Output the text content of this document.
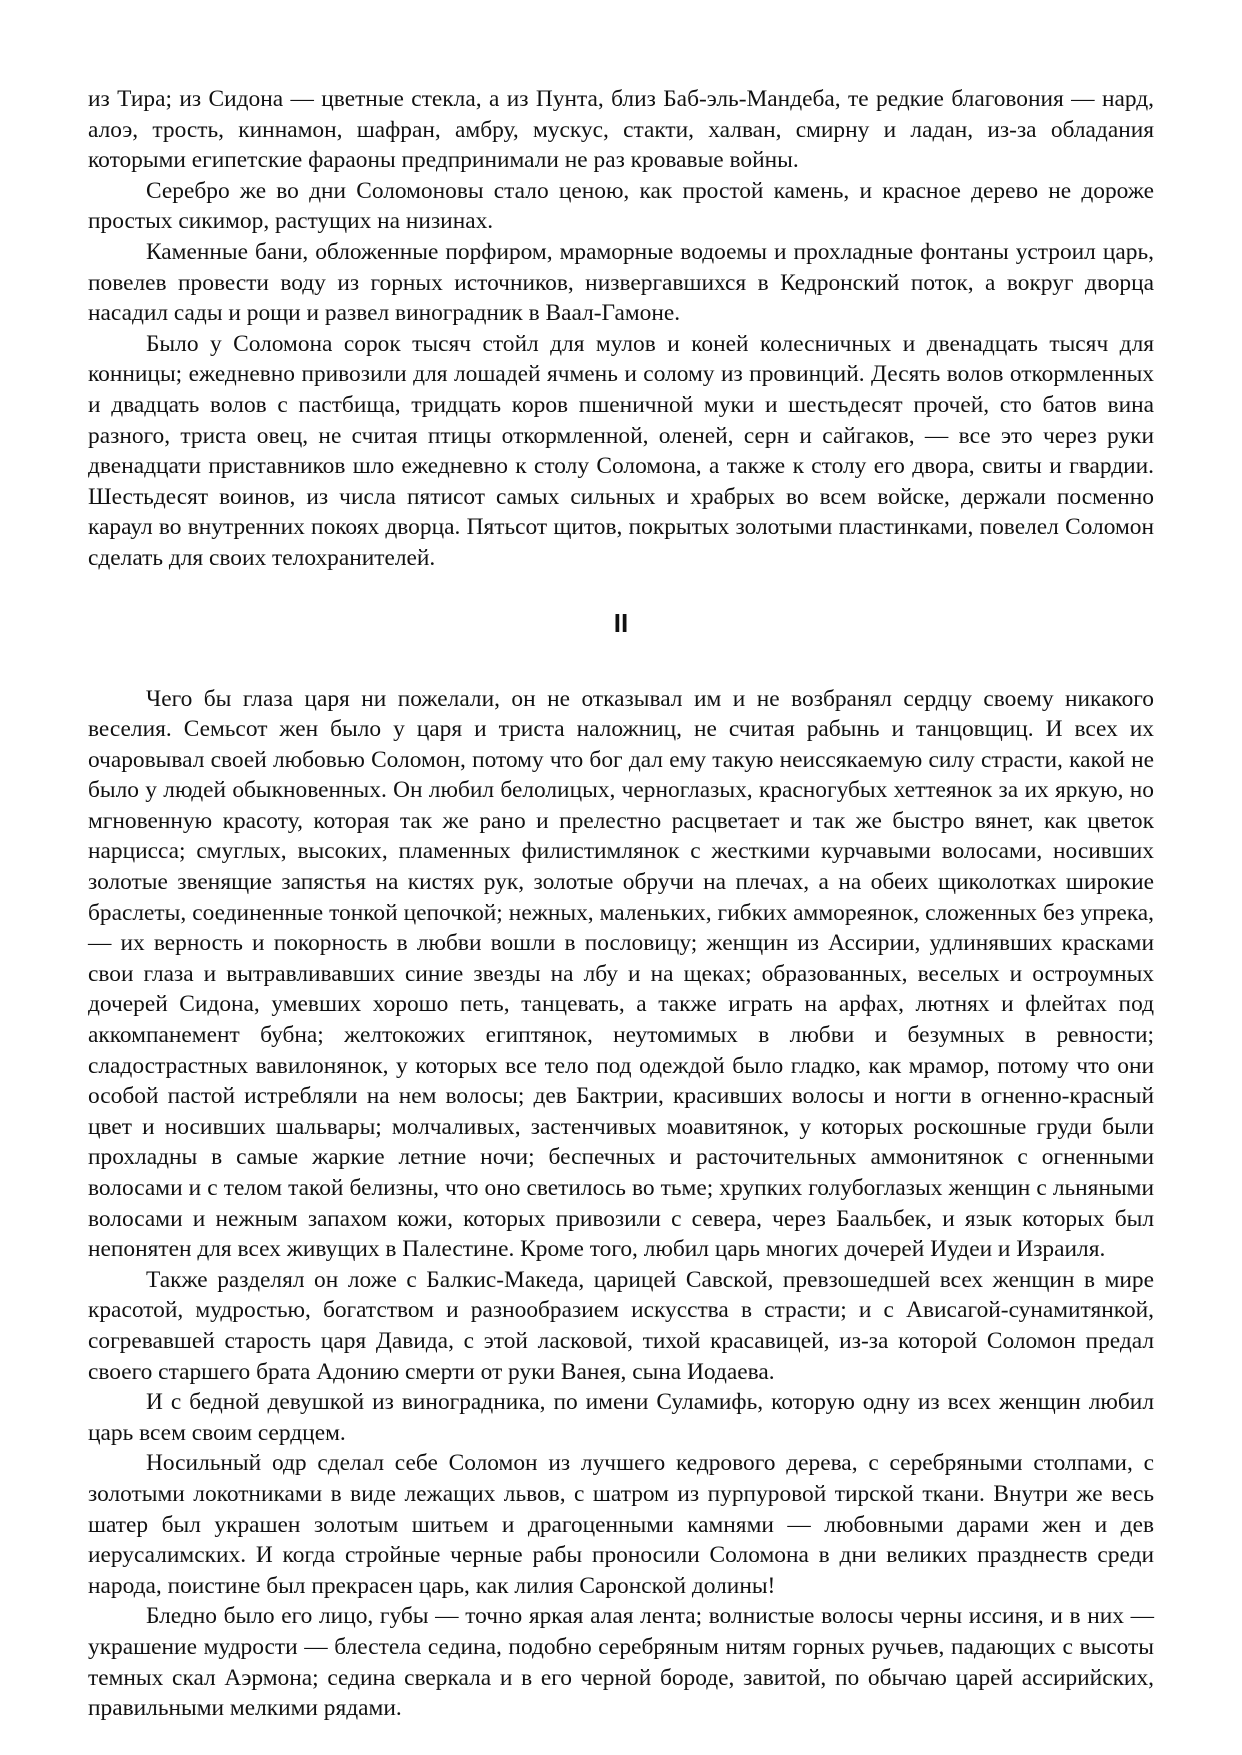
из Тира; из Сидона — цветные стекла, а из Пунта, близ Баб-эль-Мандеба, те редкие благовония — нард, алоэ, трость, киннамон, шафран, амбру, мускус, стакти, халван, смирну и ладан, из-за обладания которыми египетские фараоны предпринимали не раз кровавые войны.

Серебро же во дни Соломоновы стало ценою, как простой камень, и красное дерево не дороже простых сикимор, растущих на низинах.

Каменные бани, обложенные порфиром, мраморные водоемы и прохладные фонтаны устроил царь, повелев провести воду из горных источников, низвергавшихся в Кедронский поток, а вокруг дворца насадил сады и рощи и развел виноградник в Ваал-Гамоне.

Было у Соломона сорок тысяч стойл для мулов и коней колесничных и двенадцать тысяч для конницы; ежедневно привозили для лошадей ячмень и солому из провинций. Десять волов откормленных и двадцать волов с пастбища, тридцать коров пшеничной муки и шестьдесят прочей, сто батов вина разного, триста овец, не считая птицы откормленной, оленей, серн и сайгаков, — все это через руки двенадцати приставников шло ежедневно к столу Соломона, а также к столу его двора, свиты и гвардии. Шестьдесят воинов, из числа пятисот самых сильных и храбрых во всем войске, держали посменно караул во внутренних покоях дворца. Пятьсот щитов, покрытых золотыми пластинками, повелел Соломон сделать для своих телохранителей.

II

Чего бы глаза царя ни пожелали, он не отказывал им и не возбранял сердцу своему никакого веселия. Семьсот жен было у царя и триста наложниц, не считая рабынь и танцовщиц. И всех их очаровывал своей любовью Соломон, потому что бог дал ему такую неиссякаемую силу страсти, какой не было у людей обыкновенных. Он любил белолицых, черноглазых, красногубых хеттеянок за их яркую, но мгновенную красоту, которая так же рано и прелестно расцветает и так же быстро вянет, как цветок нарцисса; смуглых, высоких, пламенных филистимлянок с жесткими курчавыми волосами, носивших золотые звенящие запястья на кистях рук, золотые обручи на плечах, а на обеих щиколотках широкие браслеты, соединенные тонкой цепочкой; нежных, маленьких, гибких амморeянок, сложенных без упрека, — их верность и покорность в любви вошли в пословицу; женщин из Ассирии, удлинявших красками свои глаза и вытравливавших синие звезды на лбу и на щеках; образованных, веселых и остроумных дочерей Сидона, умевших хорошо петь, танцевать, а также играть на арфах, лютнях и флейтах под аккомпанемент бубна; желтокожих египтянок, неутомимых в любви и безумных в ревности; сладострастных вавилонянок, у которых все тело под одеждой было гладко, как мрамор, потому что они особой пастой истребляли на нем волосы; дев Бактрии, красивших волосы и ногти в огненно-красный цвет и носивших шальвары; молчаливых, застенчивых моавитянок, у которых роскошные груди были прохладны в самые жаркие летние ночи; беспечных и расточительных аммонитянок с огненными волосами и с телом такой белизны, что оно светилось во тьме; хрупких голубоглазых женщин с льняными волосами и нежным запахом кожи, которых привозили с севера, через Баальбек, и язык которых был непонятен для всех живущих в Палестине. Кроме того, любил царь многих дочерей Иудеи и Израиля.

Также разделял он ложе с Балкис-Македа, царицей Савской, превзошедшей всех женщин в мире красотой, мудростью, богатством и разнообразием искусства в страсти; и с Ависагой-сунамитянкой, согревавшей старость царя Давида, с этой ласковой, тихой красавицей, из-за которой Соломон предал своего старшего брата Адонию смерти от руки Ванея, сына Иодаева.

И с бедной девушкой из виноградника, по имени Суламифь, которую одну из всех женщин любил царь всем своим сердцем.

Носильный одр сделал себе Соломон из лучшего кедрового дерева, с серебряными столпами, с золотыми локотниками в виде лежащих львов, с шатром из пурпуровой тирской ткани. Внутри же весь шатер был украшен золотым шитьем и драгоценными камнями — любовными дарами жен и дев иерусалимских. И когда стройные черные рабы проносили Соломона в дни великих празднеств среди народа, поистине был прекрасен царь, как лилия Саронской долины!

Бледно было его лицо, губы — точно яркая алая лента; волнистые волосы черны иссиня, и в них — украшение мудрости — блестела седина, подобно серебряным нитям горных ручьев, падающих с высоты темных скал Аэрмона; седина сверкала и в его черной бороде, завитой, по обычаю царей ассирийских, правильными мелкими рядами.
